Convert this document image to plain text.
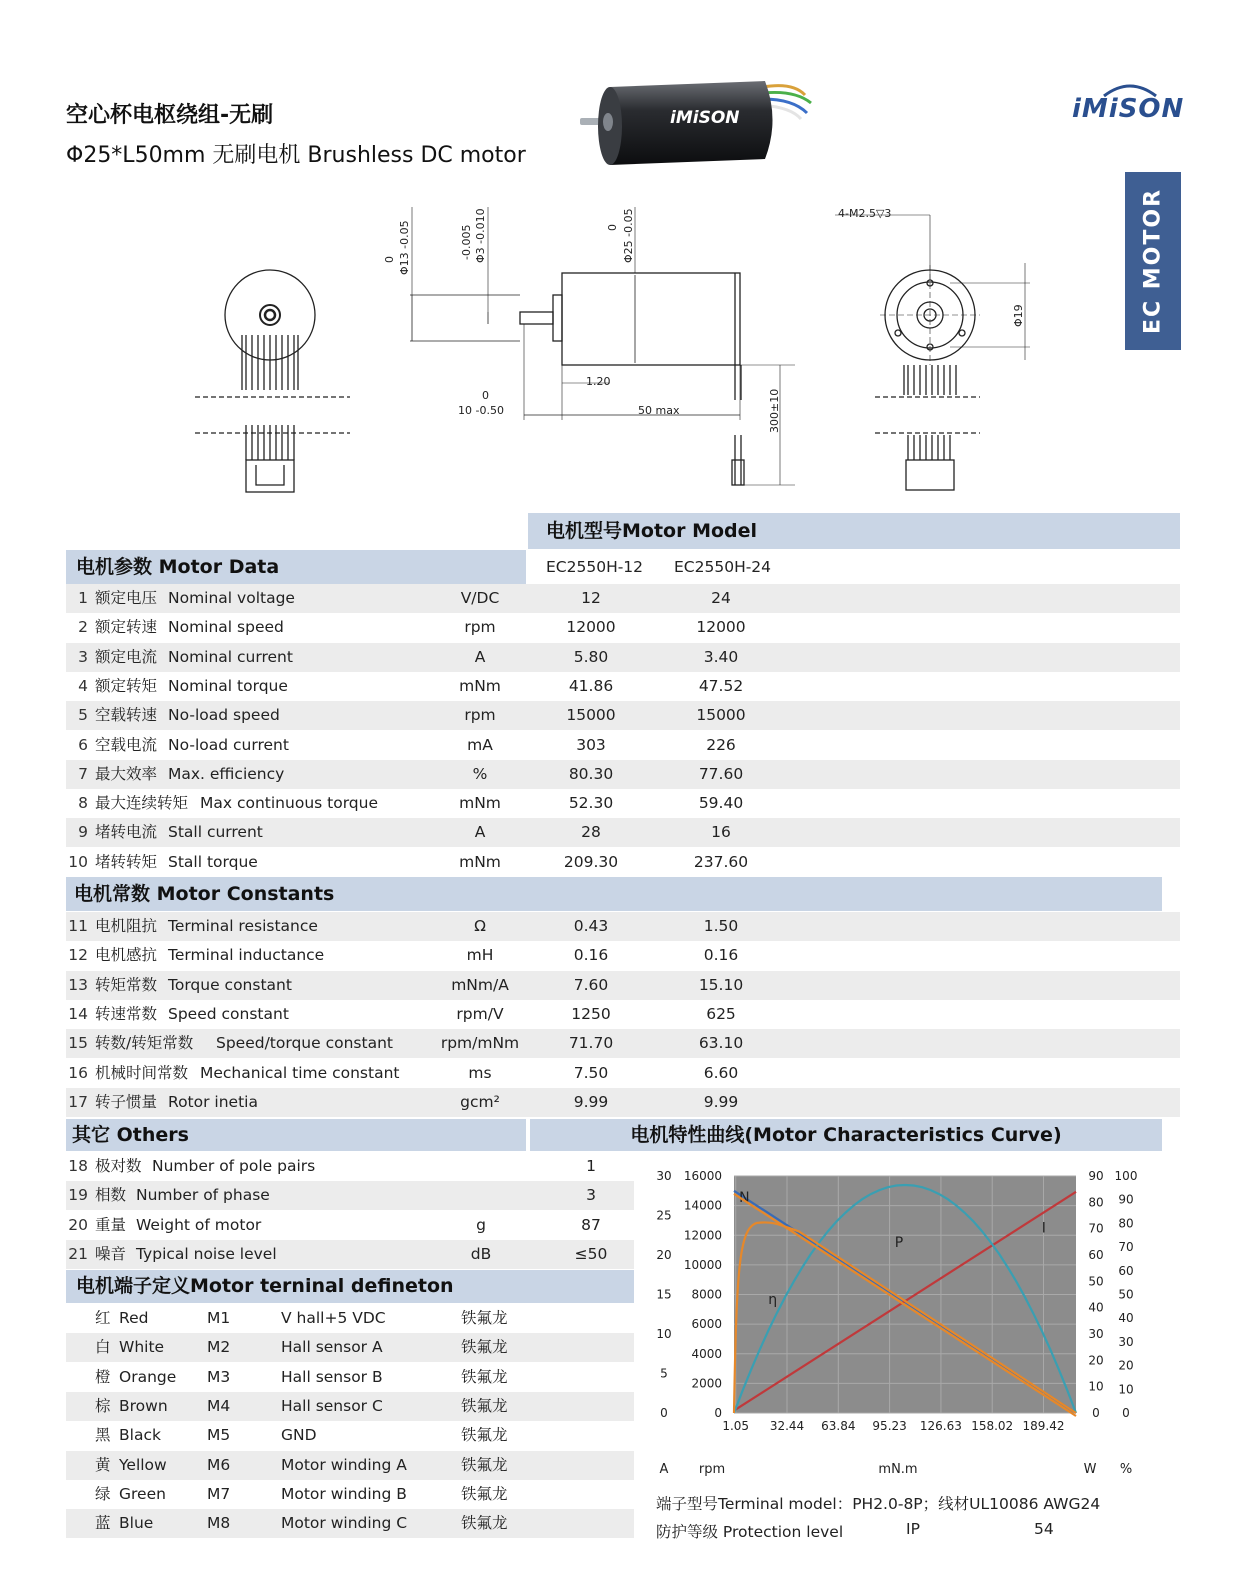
空心杯电枢绕组-无刷
Φ25*L50mm 无刷电机 Brushless DC motor
iMiSON	iMiSON
EC MOTOR
0 Φ13 -0.05	-0.005 Φ3 -0.010	0 Φ25 -0.05	4-M2.5▽3
Φ19
1.20
0
10 -0.50	50 max	300±10
电机型号Motor Model
电机参数 Motor Data	EC2550H-12 EC2550H-24
1 额定电压 Nominal voltage	V/DC	12	24
2 额定转速 Nominal speed	rpm	12000	12000
3 额定电流 Nominal current	A	5.80	3.40
4 额定转矩 Nominal torque	mNm	41.86	47.52
5 空载转速 No-load speed	rpm	15000	15000
6 空载电流 No-load current	mA	303	226
7 最大效率 Max. efficiency	%	80.30	77.60
8 最大连续转矩 Max continuous torque	mNm	52.30	59.40
9 堵转电流 Stall current	A	28	16
10 堵转转矩 Stall torque	mNm	209.30	237.60
电机常数 Motor Constants
11 电机阻抗 Terminal resistance	Ω	0.43	1.50
12 电机感抗 Terminal inductance	mH	0.16	0.16
13 转矩常数 Torque constant	mNm/A	7.60	15.10
14 转速常数 Speed constant	rpm/V	1250	625
15 转数/转矩常数 Speed/torque constant	rpm/mNm	71.70	63.10
16 机械时间常数 Mechanical time constant	ms	7.50	6.60
17 转子惯量 Rotor inetia	gcm²	9.99	9.99
其它 Others	电机特性曲线(Motor Characteristics Curve)
18 极对数 Number of pole pairs	1
19 相数 Number of phase	3
20 重量 Weight of motor	g	87
21 噪音 Typical noise level	dB	≤50
电机端子定义Motor terninal defineton
红 Red	M1	V hall+5 VDC	铁氟龙
白 White	M2	Hall sensor A	铁氟龙
橙 Orange M3	Hall sensor B	铁氟龙
棕 Brown	M4	Hall sensor C	铁氟龙
黑 Black	M5	GND	铁氟龙
黄 Yellow	M6	Motor winding A	铁氟龙
绿 Green	M7	Motor winding B	铁氟龙
蓝 Blue	M8	Motor winding C	铁氟龙
1.05 32.44 63.84 95.23 126.63 158.02 189.42
0
5
10
15
20
25
30
0
2000
4000
6000
8000
10000
12000
14000
16000
0
10
20
30
40
50
60
70
80
90
0
10
20
30
40
50
60
70
80
90
100
A rpm	mN.m	W %
N
I
P
η
端子型号Terminal model：PH2.0-8P；线材UL10086 AWG24
防护等级 Protection level	IP	54
